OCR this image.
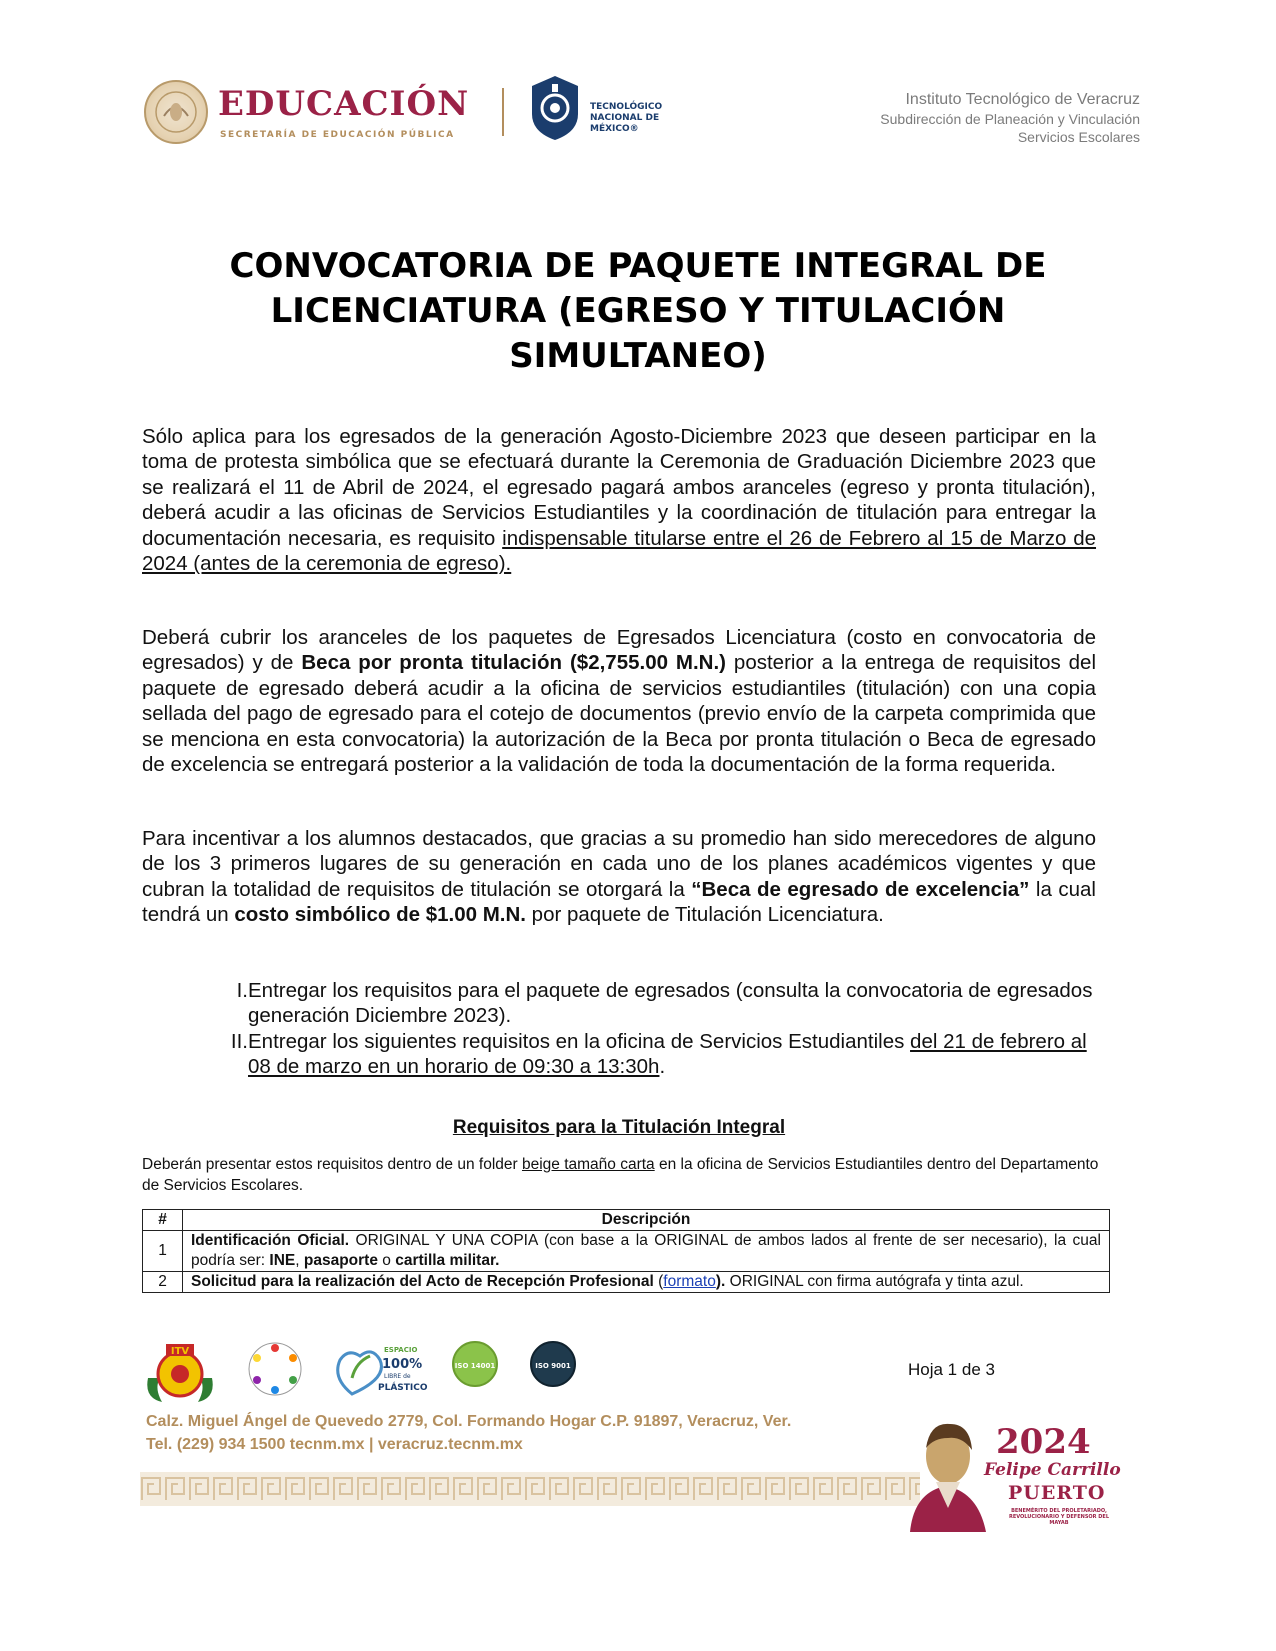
EDUCACIÓN
SECRETARÍA DE EDUCACIÓN PÚBLICA
TECNOLÓGICO
NACIONAL DE MÉXICO®
Instituto Tecnológico de Veracruz
Subdirección de Planeación y Vinculación
Servicios Escolares
CONVOCATORIA DE PAQUETE INTEGRAL DE
LICENCIATURA (EGRESO Y TITULACIÓN
SIMULTANEO)
Sólo aplica para los egresados de la generación Agosto-Diciembre 2023 que deseen participar en la toma de protesta simbólica que se efectuará durante la Ceremonia de Graduación Diciembre 2023 que se realizará el 11 de Abril de 2024, el egresado pagará ambos aranceles (egreso y pronta titulación), deberá acudir a las oficinas de Servicios Estudiantiles y la coordinación de titulación para entregar la documentación necesaria, es requisito indispensable titularse entre el 26 de Febrero al 15 de Marzo de 2024 (antes de la ceremonia de egreso).
Deberá cubrir los aranceles de los paquetes de Egresados Licenciatura (costo en convocatoria de egresados) y de Beca por pronta titulación ($2,755.00 M.N.) posterior a la entrega de requisitos del paquete de egresado deberá acudir a la oficina de servicios estudiantiles (titulación) con una copia sellada del pago de egresado para el cotejo de documentos (previo envío de la carpeta comprimida que se menciona en esta convocatoria) la autorización de la Beca por pronta titulación o Beca de egresado de excelencia se entregará posterior a la validación de toda la documentación de la forma requerida.
Para incentivar a los alumnos destacados, que gracias a su promedio han sido merecedores de alguno de los 3 primeros lugares de su generación en cada uno de los planes académicos vigentes y que cubran la totalidad de requisitos de titulación se otorgará la “Beca de egresado de excelencia” la cual tendrá un costo simbólico de $1.00 M.N. por paquete de Titulación Licenciatura.
I. Entregar los requisitos para el paquete de egresados (consulta la convocatoria de egresados generación Diciembre 2023).
II. Entregar los siguientes requisitos en la oficina de Servicios Estudiantiles del 21 de febrero al 08 de marzo en un horario de 09:30 a 13:30h.
Requisitos para la Titulación Integral
Deberán presentar estos requisitos dentro de un folder beige tamaño carta en la oficina de Servicios Estudiantiles dentro del Departamento de Servicios Escolares.
#	Descripción
1	Identificación Oficial. ORIGINAL Y UNA COPIA (con base a la ORIGINAL de ambos lados al frente de ser necesario), la cual podría ser: INE, pasaporte o cartilla militar.
2	Solicitud para la realización del Acto de Recepción Profesional (formato). ORIGINAL con firma autógrafa y tinta azul.
ITV	ESPACIO
100%
LIBRE de
PLÁSTICO
ISO 14001	ISO 9001	Hoja 1 de 3
Calz. Miguel Ángel de Quevedo 2779, Col. Formando Hogar C.P. 91897, Veracruz, Ver.
Tel. (229) 934 1500 tecnm.mx | veracruz.tecnm.mx	2024
Felipe Carrillo
PUERTO
BENEMÉRITO DEL PROLETARIADO, REVOLUCIONARIO Y DEFENSOR DEL MAYAB
